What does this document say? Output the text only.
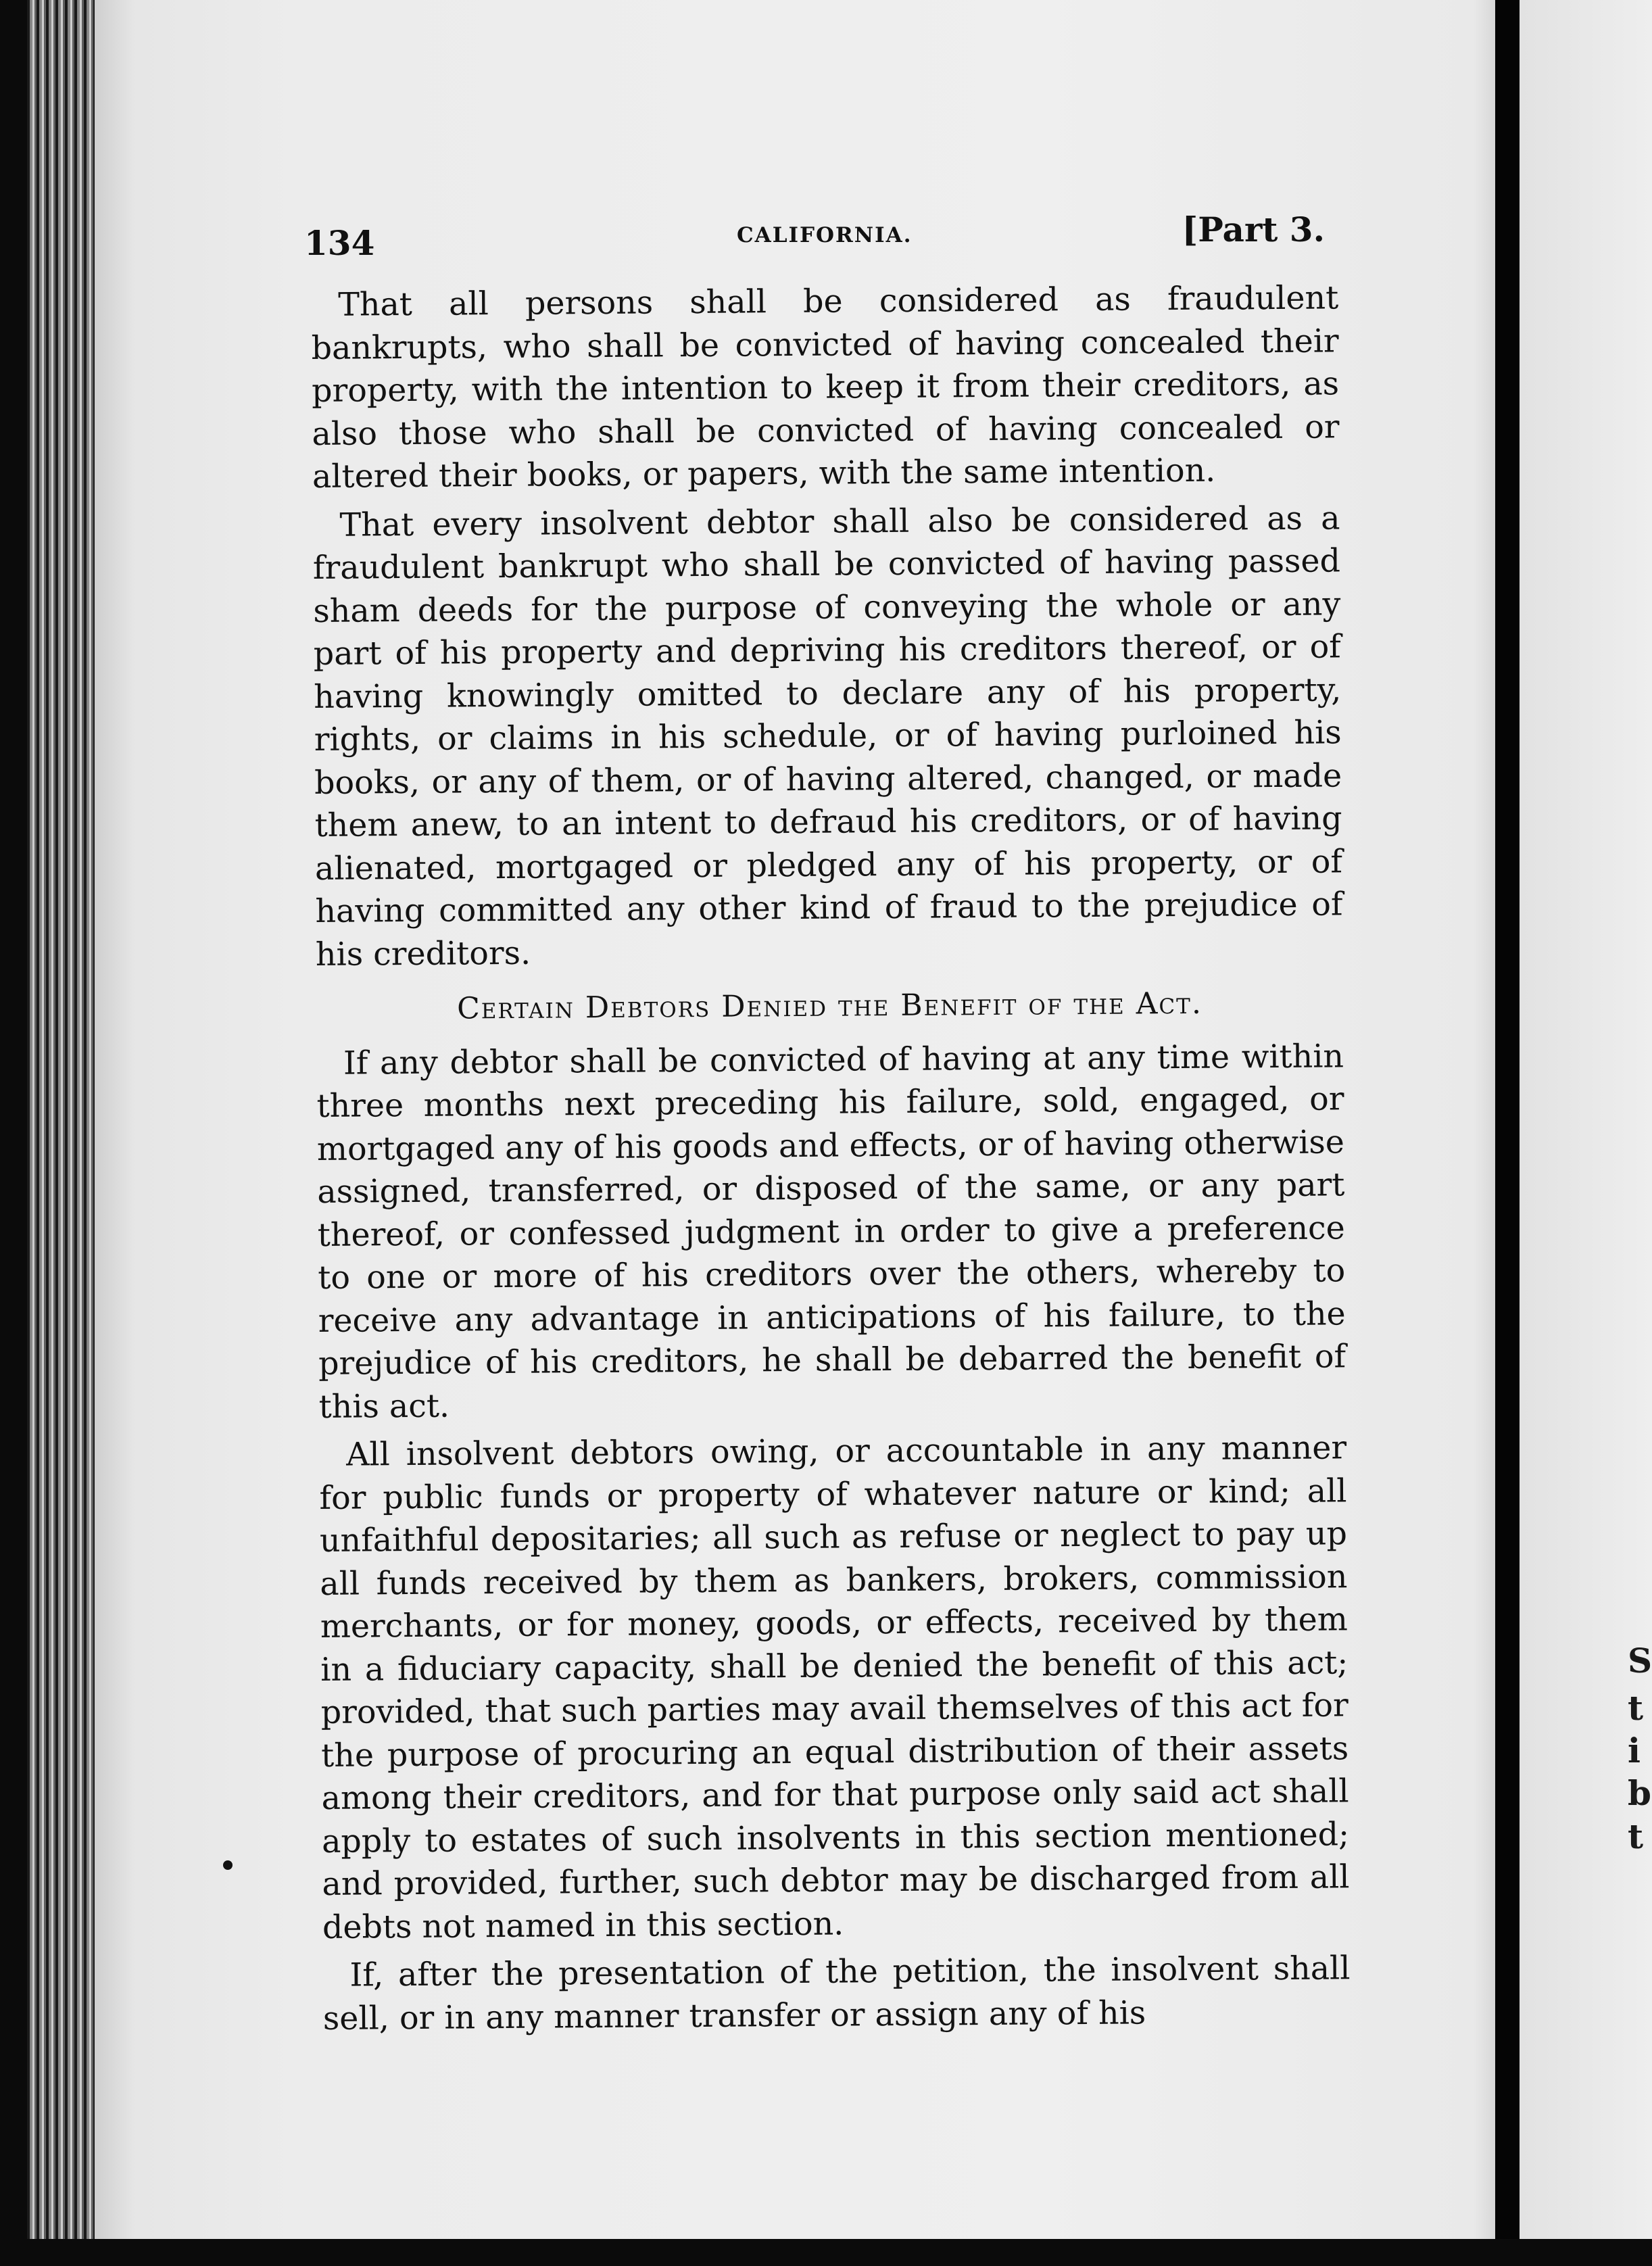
S
t
i
b
t
134	CALIFORNIA.	[Part 3.

That all persons shall be considered as fraudulent bankrupts, who shall be convicted of having concealed their property, with the intention to keep it from their creditors, as also those who shall be convicted of having concealed or altered their books, or papers, with the same intention.

That every insolvent debtor shall also be considered as a fraudulent bankrupt who shall be convicted of having passed sham deeds for the purpose of conveying the whole or any part of his property and depriving his creditors thereof, or of having knowingly omitted to declare any of his property, rights, or claims in his schedule, or of having purloined his books, or any of them, or of having altered, changed, or made them anew, to an intent to defraud his creditors, or of having alienated, mortgaged or pledged any of his property, or of having committed any other kind of fraud to the prejudice of his creditors.

Certain Debtors Denied the Benefit of the Act.

If any debtor shall be convicted of having at any time within three months next preceding his failure, sold, engaged, or mortgaged any of his goods and effects, or of having otherwise assigned, transferred, or disposed of the same, or any part thereof, or confessed judgment in order to give a preference to one or more of his creditors over the others, whereby to receive any advantage in anticipations of his failure, to the prejudice of his creditors, he shall be debarred the benefit of this act.

All insolvent debtors owing, or accountable in any manner for public funds or property of whatever nature or kind; all unfaithful depositaries; all such as refuse or neglect to pay up all funds received by them as bankers, brokers, commission merchants, or for money, goods, or effects, received by them in a fiduciary capacity, shall be denied the benefit of this act; provided, that such parties may avail themselves of this act for the purpose of procuring an equal distribution of their assets among their creditors, and for that purpose only said act shall apply to estates of such insolvents in this section mentioned; and provided, further, such debtor may be discharged from all debts not named in this section.

If, after the presentation of the petition, the insolvent shall sell, or in any manner transfer or assign any of his
